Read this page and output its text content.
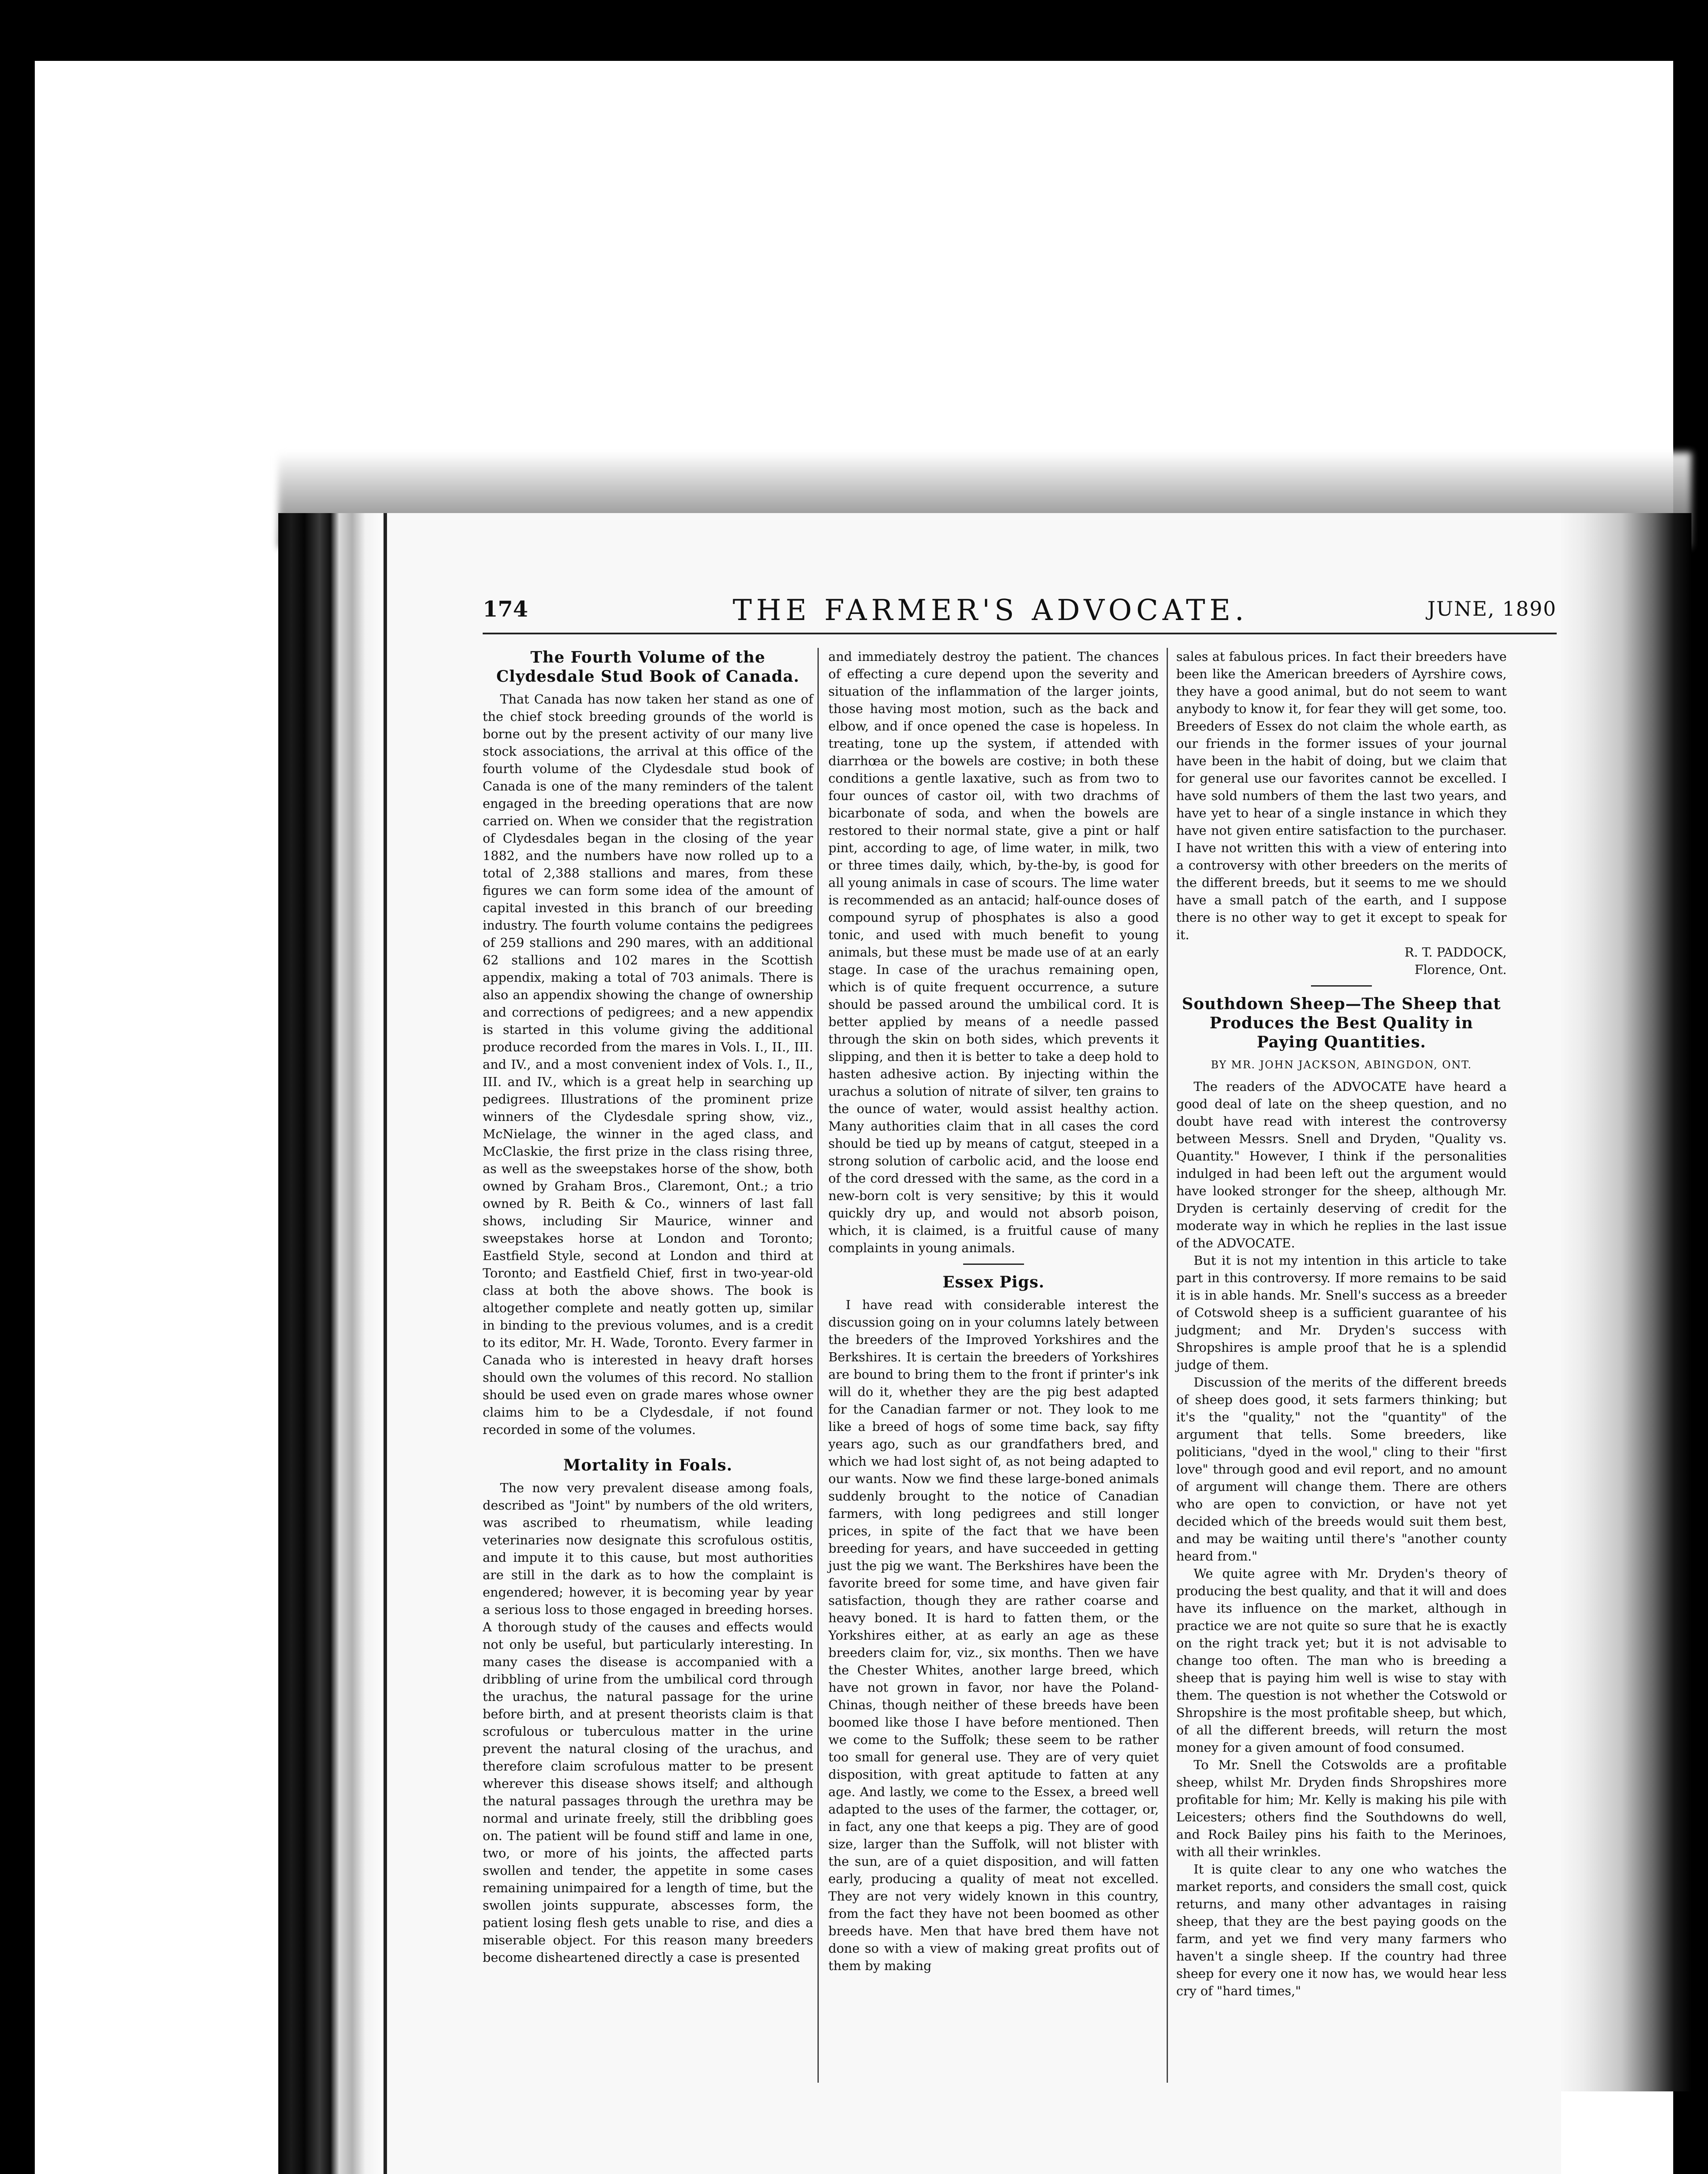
174	THE FARMER'S ADVOCATE.	JUNE, 1890
The Fourth Volume of the Clydesdale Stud Book of Canada.

That Canada has now taken her stand as one of the chief stock breeding grounds of the world is borne out by the present activity of our many live stock associations, the arrival at this office of the fourth volume of the Clydesdale stud book of Canada is one of the many reminders of the talent engaged in the breeding operations that are now carried on. When we consider that the registration of Clydesdales began in the closing of the year 1882, and the numbers have now rolled up to a total of 2,388 stallions and mares, from these figures we can form some idea of the amount of capital invested in this branch of our breeding industry. The fourth volume contains the pedigrees of 259 stallions and 290 mares, with an additional 62 stallions and 102 mares in the Scottish appendix, making a total of 703 animals. There is also an appendix showing the change of ownership and corrections of pedigrees; and a new appendix is started in this volume giving the additional produce recorded from the mares in Vols. I., II., III. and IV., and a most convenient index of Vols. I., II., III. and IV., which is a great help in searching up pedigrees. Illustrations of the prominent prize winners of the Clydesdale spring show, viz., McNielage, the winner in the aged class, and McClaskie, the first prize in the class rising three, as well as the sweepstakes horse of the show, both owned by Graham Bros., Claremont, Ont.; a trio owned by R. Beith & Co., winners of last fall shows, including Sir Maurice, winner and sweepstakes horse at London and Toronto; Eastfield Style, second at London and third at Toronto; and Eastfield Chief, first in two-year-old class at both the above shows. The book is altogether complete and neatly gotten up, similar in binding to the previous volumes, and is a credit to its editor, Mr. H. Wade, Toronto. Every farmer in Canada who is interested in heavy draft horses should own the volumes of this record. No stallion should be used even on grade mares whose owner claims him to be a Clydesdale, if not found recorded in some of the volumes.

Mortality in Foals.

The now very prevalent disease among foals, described as "Joint" by numbers of the old writers, was ascribed to rheumatism, while leading veterinaries now designate this scrofulous ostitis, and impute it to this cause, but most authorities are still in the dark as to how the complaint is engendered; however, it is becoming year by year a serious loss to those engaged in breeding horses. A thorough study of the causes and effects would not only be useful, but particularly interesting. In many cases the disease is accompanied with a dribbling of urine from the umbilical cord through the urachus, the natural passage for the urine before birth, and at present theorists claim is that scrofulous or tuberculous matter in the urine prevent the natural closing of the urachus, and therefore claim scrofulous matter to be present wherever this disease shows itself; and although the natural passages through the urethra may be normal and urinate freely, still the dribbling goes on. The patient will be found stiff and lame in one, two, or more of his joints, the affected parts swollen and tender, the appetite in some cases remaining unimpaired for a length of time, but the swollen joints suppurate, abscesses form, the patient losing flesh gets unable to rise, and dies a miserable object. For this reason many breeders become disheartened directly a case is presented

and immediately destroy the patient. The chances of effecting a cure depend upon the severity and situation of the inflammation of the larger joints, those having most motion, such as the back and elbow, and if once opened the case is hopeless. In treating, tone up the system, if attended with diarrhœa or the bowels are costive; in both these conditions a gentle laxative, such as from two to four ounces of castor oil, with two drachms of bicarbonate of soda, and when the bowels are restored to their normal state, give a pint or half pint, according to age, of lime water, in milk, two or three times daily, which, by-the-by, is good for all young animals in case of scours. The lime water is recommended as an antacid; half-ounce doses of compound syrup of phosphates is also a good tonic, and used with much benefit to young animals, but these must be made use of at an early stage. In case of the urachus remaining open, which is of quite frequent occurrence, a suture should be passed around the umbilical cord. It is better applied by means of a needle passed through the skin on both sides, which prevents it slipping, and then it is better to take a deep hold to hasten adhesive action. By injecting within the urachus a solution of nitrate of silver, ten grains to the ounce of water, would assist healthy action. Many authorities claim that in all cases the cord should be tied up by means of catgut, steeped in a strong solution of carbolic acid, and the loose end of the cord dressed with the same, as the cord in a new-born colt is very sensitive; by this it would quickly dry up, and would not absorb poison, which, it is claimed, is a fruitful cause of many complaints in young animals.

Essex Pigs.

I have read with considerable interest the discussion going on in your columns lately between the breeders of the Improved Yorkshires and the Berkshires. It is certain the breeders of Yorkshires are bound to bring them to the front if printer's ink will do it, whether they are the pig best adapted for the Canadian farmer or not. They look to me like a breed of hogs of some time back, say fifty years ago, such as our grandfathers bred, and which we had lost sight of, as not being adapted to our wants. Now we find these large-boned animals suddenly brought to the notice of Canadian farmers, with long pedigrees and still longer prices, in spite of the fact that we have been breeding for years, and have succeeded in getting just the pig we want. The Berkshires have been the favorite breed for some time, and have given fair satisfaction, though they are rather coarse and heavy boned. It is hard to fatten them, or the Yorkshires either, at as early an age as these breeders claim for, viz., six months. Then we have the Chester Whites, another large breed, which have not grown in favor, nor have the Poland-Chinas, though neither of these breeds have been boomed like those I have before mentioned. Then we come to the Suffolk; these seem to be rather too small for general use. They are of very quiet disposition, with great aptitude to fatten at any age. And lastly, we come to the Essex, a breed well adapted to the uses of the farmer, the cottager, or, in fact, any one that keeps a pig. They are of good size, larger than the Suffolk, will not blister with the sun, are of a quiet disposition, and will fatten early, producing a quality of meat not excelled. They are not very widely known in this country, from the fact they have not been boomed as other breeds have. Men that have bred them have not done so with a view of making great profits out of them by making

sales at fabulous prices. In fact their breeders have been like the American breeders of Ayrshire cows, they have a good animal, but do not seem to want anybody to know it, for fear they will get some, too. Breeders of Essex do not claim the whole earth, as our friends in the former issues of your journal have been in the habit of doing, but we claim that for general use our favorites cannot be excelled. I have sold numbers of them the last two years, and have yet to hear of a single instance in which they have not given entire satisfaction to the purchaser. I have not written this with a view of entering into a controversy with other breeders on the merits of the different breeds, but it seems to me we should have a small patch of the earth, and I suppose there is no other way to get it except to speak for it.

R. T. PADDOCK,

Florence, Ont.

Southdown Sheep—The Sheep that Produces the Best Quality in Paying Quantities.
BY MR. JOHN JACKSON, ABINGDON, ONT.

The readers of the ADVOCATE have heard a good deal of late on the sheep question, and no doubt have read with interest the controversy between Messrs. Snell and Dryden, "Quality vs. Quantity." However, I think if the personalities indulged in had been left out the argument would have looked stronger for the sheep, although Mr. Dryden is certainly deserving of credit for the moderate way in which he replies in the last issue of the ADVOCATE.

But it is not my intention in this article to take part in this controversy. If more remains to be said it is in able hands. Mr. Snell's success as a breeder of Cotswold sheep is a sufficient guarantee of his judgment; and Mr. Dryden's success with Shropshires is ample proof that he is a splendid judge of them.

Discussion of the merits of the different breeds of sheep does good, it sets farmers thinking; but it's the "quality," not the "quantity" of the argument that tells. Some breeders, like politicians, "dyed in the wool," cling to their "first love" through good and evil report, and no amount of argument will change them. There are others who are open to conviction, or have not yet decided which of the breeds would suit them best, and may be waiting until there's "another county heard from."

We quite agree with Mr. Dryden's theory of producing the best quality, and that it will and does have its influence on the market, although in practice we are not quite so sure that he is exactly on the right track yet; but it is not advisable to change too often. The man who is breeding a sheep that is paying him well is wise to stay with them. The question is not whether the Cotswold or Shropshire is the most profitable sheep, but which, of all the different breeds, will return the most money for a given amount of food consumed.

To Mr. Snell the Cotswolds are a profitable sheep, whilst Mr. Dryden finds Shropshires more profitable for him; Mr. Kelly is making his pile with Leicesters; others find the Southdowns do well, and Rock Bailey pins his faith to the Merinoes, with all their wrinkles.

It is quite clear to any one who watches the market reports, and considers the small cost, quick returns, and many other advantages in raising sheep, that they are the best paying goods on the farm, and yet we find very many farmers who haven't a single sheep. If the country had three sheep for every one it now has, we would hear less cry of "hard times,"
